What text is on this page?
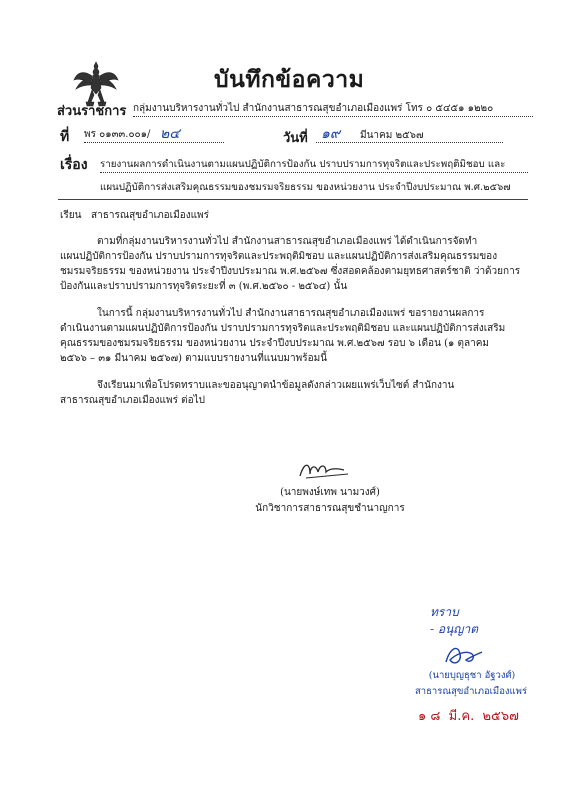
บันทึกข้อความ
ส่วนราชการ กลุ่มงานบริหารงานทั่วไป สำนักงานสาธารณสุขอำเภอเมืองแพร่ โทร ๐ ๕๔๕๑ ๑๒๒๐
ที่ พร ๐๑๓๓.๐๐๑/ ๒๔	วันที่ ๑๙ มีนาคม ๒๕๖๗
เรื่อง รายงานผลการดำเนินงานตามแผนปฏิบัติการป้องกัน ปราบปรามการทุจริตและประพฤติมิชอบ และ
แผนปฏิบัติการส่งเสริมคุณธรรมของชมรมจริยธรรม ของหน่วยงาน ประจำปีงบประมาณ พ.ศ.๒๕๖๗
เรียน   สาธารณสุขอำเภอเมืองแพร่
ตามที่กลุ่มงานบริหารงานทั่วไป สำนักงานสาธารณสุขอำเภอเมืองแพร่ ได้ดำเนินการจัดทำ
แผนปฏิบัติการป้องกัน ปราบปรามการทุจริตและประพฤติมิชอบ และแผนปฏิบัติการส่งเสริมคุณธรรมของ
ชมรมจริยธรรม ของหน่วยงาน ประจำปีงบประมาณ พ.ศ.๒๕๖๗ ซึ่งสอดคล้องตามยุทธศาสตร์ชาติ ว่าด้วยการ
ป้องกันและปราบปรามการทุจริตระยะที่ ๓ (พ.ศ.๒๕๖๐ - ๒๕๖๔) นั้น
ในการนี้ กลุ่มงานบริหารงานทั่วไป สำนักงานสาธารณสุขอำเภอเมืองแพร่ ขอรายงานผลการ
ดำเนินงานตามแผนปฏิบัติการป้องกัน ปราบปรามการทุจริตและประพฤติมิชอบ และแผนปฏิบัติการส่งเสริม
คุณธรรมของชมรมจริยธรรม ของหน่วยงาน ประจำปีงบประมาณ พ.ศ.๒๕๖๗ รอบ ๖ เดือน (๑ ตุลาคม
๒๕๖๖ – ๓๑ มีนาคม ๒๕๖๗) ตามแบบรายงานที่แนบมาพร้อมนี้
จึงเรียนมาเพื่อโปรดทราบและขออนุญาตนำข้อมูลดังกล่าวเผยแพร่เว็บไซต์ สำนักงาน
สาธารณสุขอำเภอเมืองแพร่ ต่อไป
(นายพงษ์เทพ นามวงศ์)
นักวิชาการสาธารณสุขชำนาญการ
ทราบ
- อนุญาต
(นายบุญธุชา อัฐวงศ์)
สาธารณสุขอำเภอเมืองแพร่
๑ ๘  มี.ค.  ๒๕๖๗
